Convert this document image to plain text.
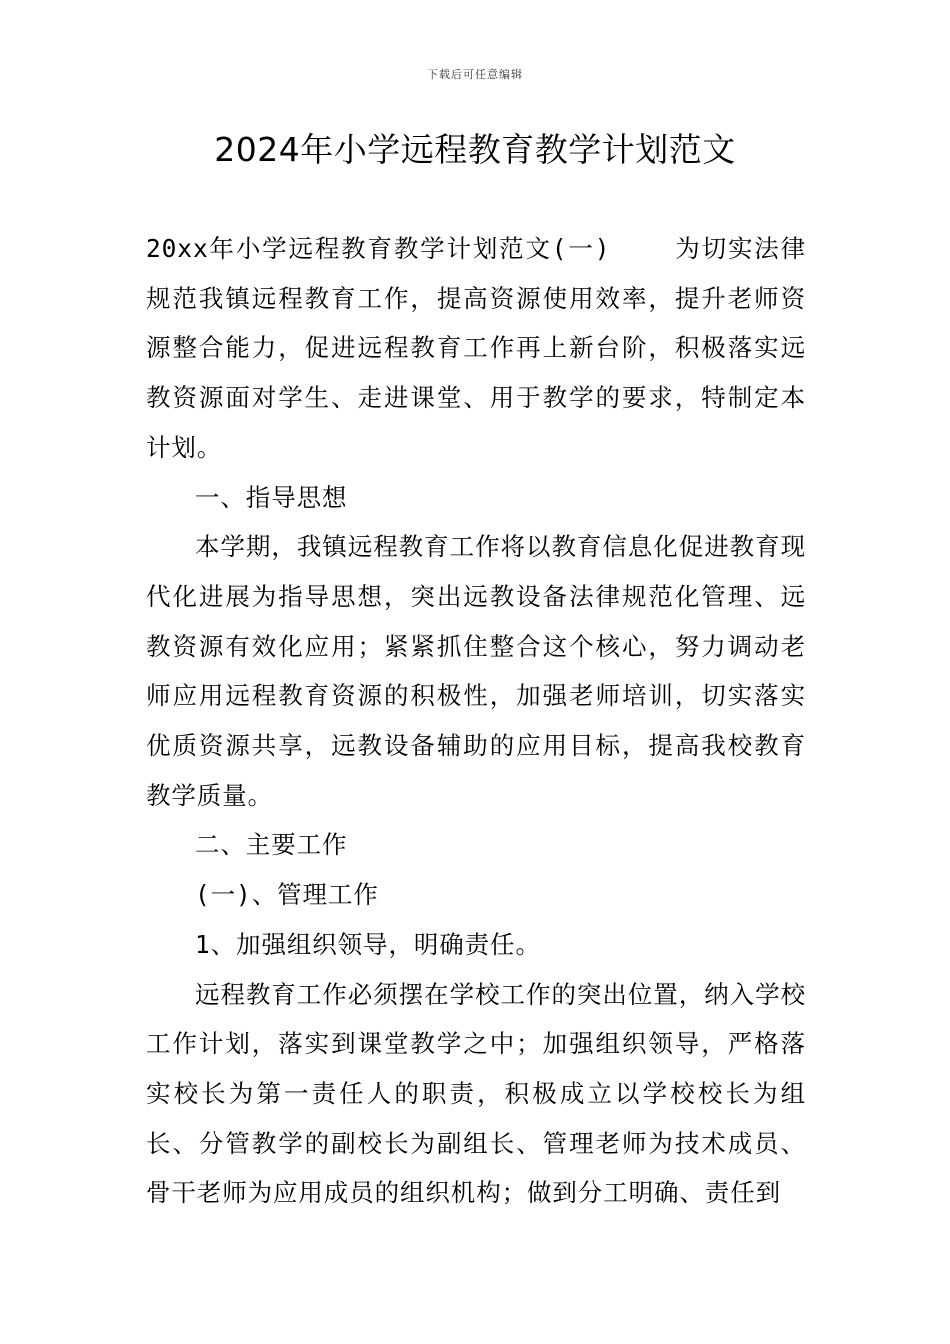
下载后可任意编辑
2024年小学远程教育教学计划范文

20xx年小学远程教育教学计划范文(一)	为切实法律规范我镇远程教育工作，提高资源使用效率，提升老师资源整合能力，促进远程教育工作再上新台阶，积极落实远教资源面对学生、走进课堂、用于教学的要求，特制定本计划。

一、指导思想

本学期，我镇远程教育工作将以教育信息化促进教育现代化进展为指导思想，突出远教设备法律规范化管理、远教资源有效化应用；紧紧抓住整合这个核心，努力调动老师应用远程教育资源的积极性，加强老师培训，切实落实优质资源共享，远教设备辅助的应用目标，提高我校教育教学质量。

二、主要工作

(一)、管理工作

1、加强组织领导，明确责任。

远程教育工作必须摆在学校工作的突出位置，纳入学校工作计划，落实到课堂教学之中；加强组织领导，严格落实校长为第一责任人的职责，积极成立以学校校长为组长、分管教学的副校长为副组长、管理老师为技术成员、骨干老师为应用成员的组织机构；做到分工明确、责任到
